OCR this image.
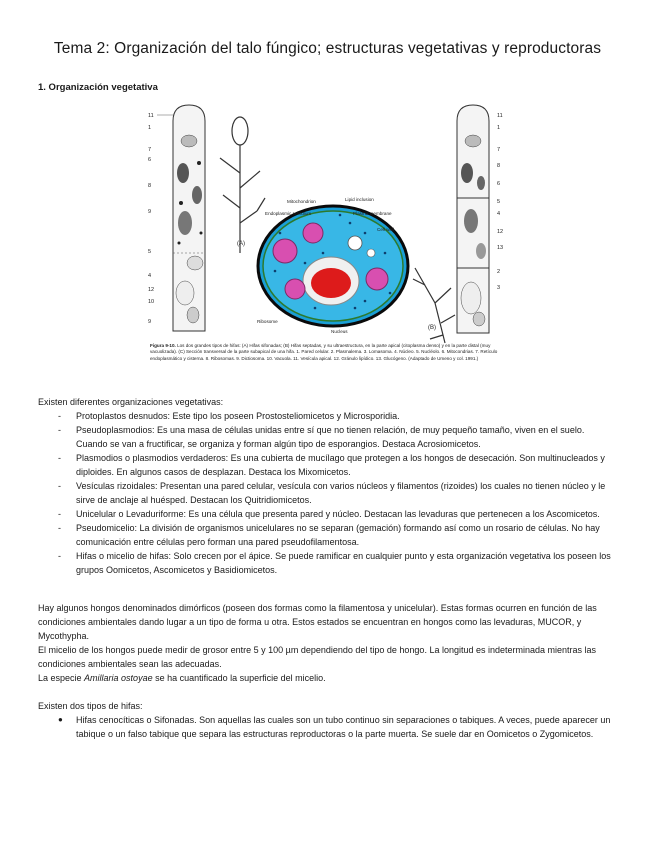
Tema 2: Organización del talo fúngico; estructuras vegetativas y reproductoras
1. Organización vegetativa
11
1
7
6
8
9
5
4
12
10
9
(A)
Mitochondrion	Lipid inclusion
Endoplasmic reticulum	Plasma membrane
Cell wall
Ribosome
Nucleus
(B)
11
1
7
8
6
5
4
12
13
2
3
Figura 9-10. Los dos grandes tipos de hifas: (A) Hifas sifonadas; (B) Hifas septadas, y su ultraestructura, en la parte apical (citoplasma denso) y en la parte distal (muy vacuolizada). (C) Sección transversal de la parte subapical de una hifa. 1. Pared celular. 2. Plasmalema. 3. Lomasoma. 4. Núcleo. 5. Nucléolo. 6. Mitocondrias. 7. Retículo endoplasmático y cisterna. 8. Ribosomas. 9. Dictiosoma. 10. Vacuola. 11. Vesícula apical. 12. Gránulo lipídico. 13. Glucógeno. (Adaptado de Umeno y col. 1991.)
Existen diferentes organizaciones vegetativas:
- Protoplastos desnudos: Este tipo los poseen Prostosteliomicetos y Microsporidia.
- Pseudoplasmodios: Es una masa de células unidas entre sí que no tienen relación, de muy pequeño tamaño, viven en el suelo. Cuando se van a fructificar, se organiza y forman algún tipo de esporangios. Destaca Acrosiomicetos.
- Plasmodios o plasmodios verdaderos: Es una cubierta de mucílago que protegen a los hongos de desecación. Son multinucleados y diploides. En algunos casos de desplazan. Destaca los Mixomicetos.
- Vesículas rizoidales: Presentan una pared celular, vesícula con varios núcleos y filamentos (rizoides) los cuales no tienen núcleo y le sirve de anclaje al huésped. Destacan los Quitridiomicetos.
- Unicelular o Levaduriforme: Es una célula que presenta pared y núcleo. Destacan las levaduras que pertenecen a los Ascomicetos.
- Pseudomicelio: La división de organismos unicelulares no se separan (gemación) formando así como un rosario de células. No hay comunicación entre células pero forman una pared pseudofilamentosa.
- Hifas o micelio de hifas: Solo crecen por el ápice. Se puede ramificar en cualquier punto y esta organización vegetativa los poseen los grupos Oomicetos, Ascomicetos y Basidiomicetos.
Hay algunos hongos denominados dimórficos (poseen dos formas como la filamentosa y unicelular). Estas formas ocurren en función de las condiciones ambientales dando lugar a un tipo de forma u otra. Estos estados se encuentran en hongos como las levaduras, MUCOR, y Mycothypha.
El micelio de los hongos puede medir de grosor entre 5 y 100 µm dependiendo del tipo de hongo. La longitud es indeterminada mientras las condiciones ambientales sean las adecuadas.
La especie Amillaria ostoyae se ha cuantificado la superficie del micelio.
Existen dos tipos de hifas:
● Hifas cenocíticas o Sifonadas. Son aquellas las cuales son un tubo continuo sin separaciones o tabiques. A veces, puede aparecer un tabique o un falso tabique que separa las estructuras reproductoras o la parte muerta. Se suele dar en Oomicetos o Zygomicetos.
